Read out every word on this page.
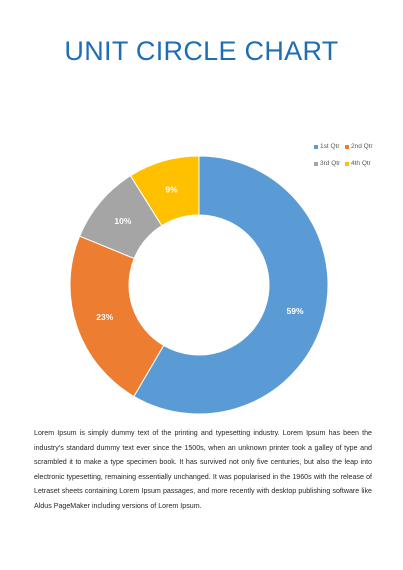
UNIT CIRCLE CHART
59%
23%
10%
9%
1st Qtr 2nd Qtr
3rd Qtr 4th Qtr
Lorem Ipsum is simply dummy text of the printing and typesetting industry. Lorem Ipsum has been the industry's standard dummy text ever since the 1500s, when an unknown printer took a galley of type and scrambled it to make a type specimen book. It has survived not only five centuries, but also the leap into electronic typesetting, remaining essentially unchanged. It was popularised in the 1960s with the release of Letraset sheets containing Lorem Ipsum passages, and more recently with desktop publishing software like Aldus PageMaker including versions of Lorem Ipsum.
